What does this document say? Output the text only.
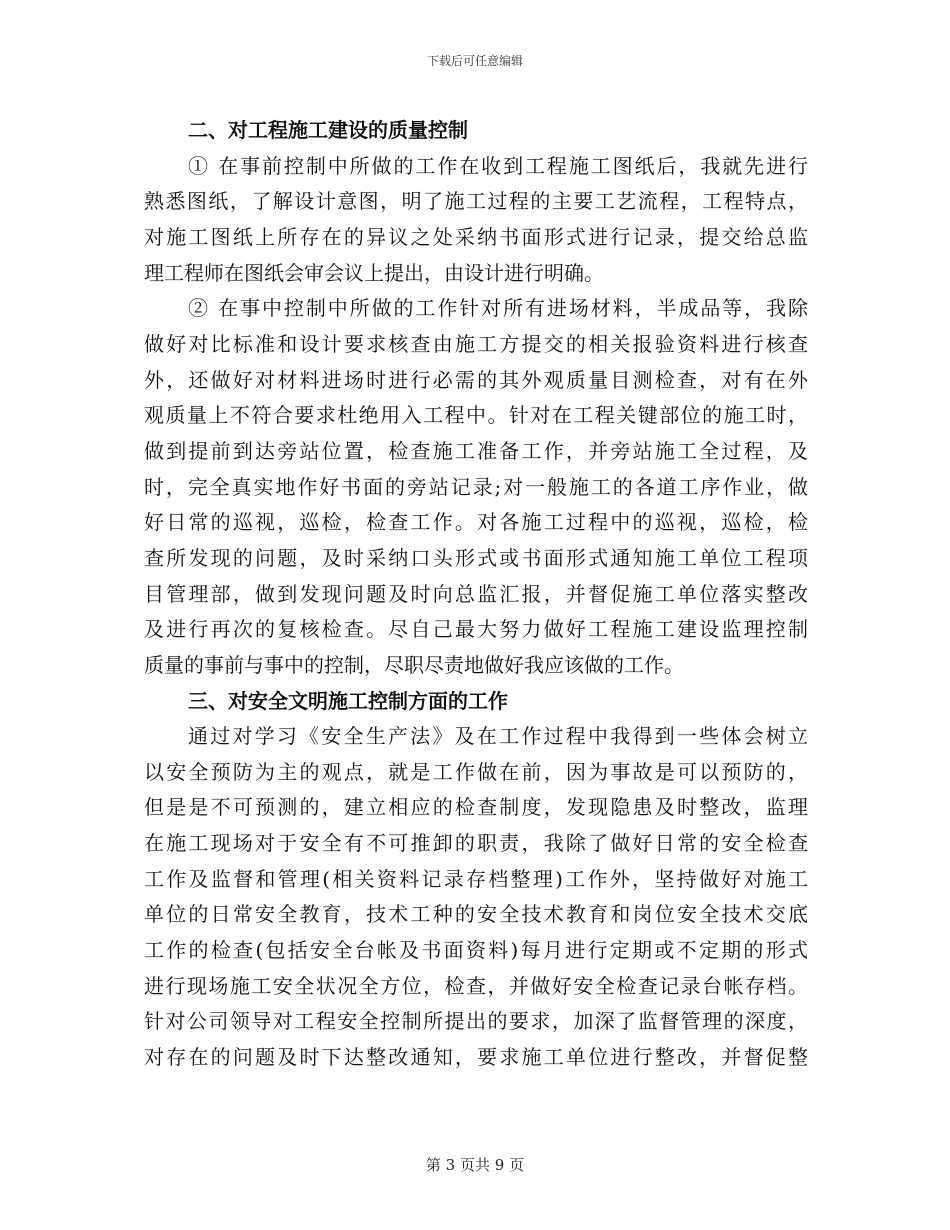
下载后可任意编辑
二、对工程施工建设的质量控制
① 在事前控制中所做的工作在收到工程施工图纸后，我就先进行
熟悉图纸，了解设计意图，明了施工过程的主要工艺流程，工程特点，
对施工图纸上所存在的异议之处采纳书面形式进行记录，提交给总监
理工程师在图纸会审会议上提出，由设计进行明确。
② 在事中控制中所做的工作针对所有进场材料，半成品等，我除
做好对比标准和设计要求核查由施工方提交的相关报验资料进行核查
外，还做好对材料进场时进行必需的其外观质量目测检查，对有在外
观质量上不符合要求杜绝用入工程中。针对在工程关键部位的施工时，
做到提前到达旁站位置，检查施工准备工作，并旁站施工全过程，及
时，完全真实地作好书面的旁站记录;对一般施工的各道工序作业，做
好日常的巡视，巡检，检查工作。对各施工过程中的巡视，巡检，检
查所发现的问题，及时采纳口头形式或书面形式通知施工单位工程项
目管理部，做到发现问题及时向总监汇报，并督促施工单位落实整改
及进行再次的复核检查。尽自己最大努力做好工程施工建设监理控制
质量的事前与事中的控制，尽职尽责地做好我应该做的工作。
三、对安全文明施工控制方面的工作
通过对学习《安全生产法》及在工作过程中我得到一些体会树立
以安全预防为主的观点，就是工作做在前，因为事故是可以预防的，
但是是不可预测的，建立相应的检查制度，发现隐患及时整改，监理
在施工现场对于安全有不可推卸的职责，我除了做好日常的安全检查
工作及监督和管理(相关资料记录存档整理)工作外，坚持做好对施工
单位的日常安全教育，技术工种的安全技术教育和岗位安全技术交底
工作的检查(包括安全台帐及书面资料)每月进行定期或不定期的形式
进行现场施工安全状况全方位，检查，并做好安全检查记录台帐存档。
针对公司领导对工程安全控制所提出的要求，加深了监督管理的深度，
对存在的问题及时下达整改通知，要求施工单位进行整改，并督促整
第 3 页共 9 页
